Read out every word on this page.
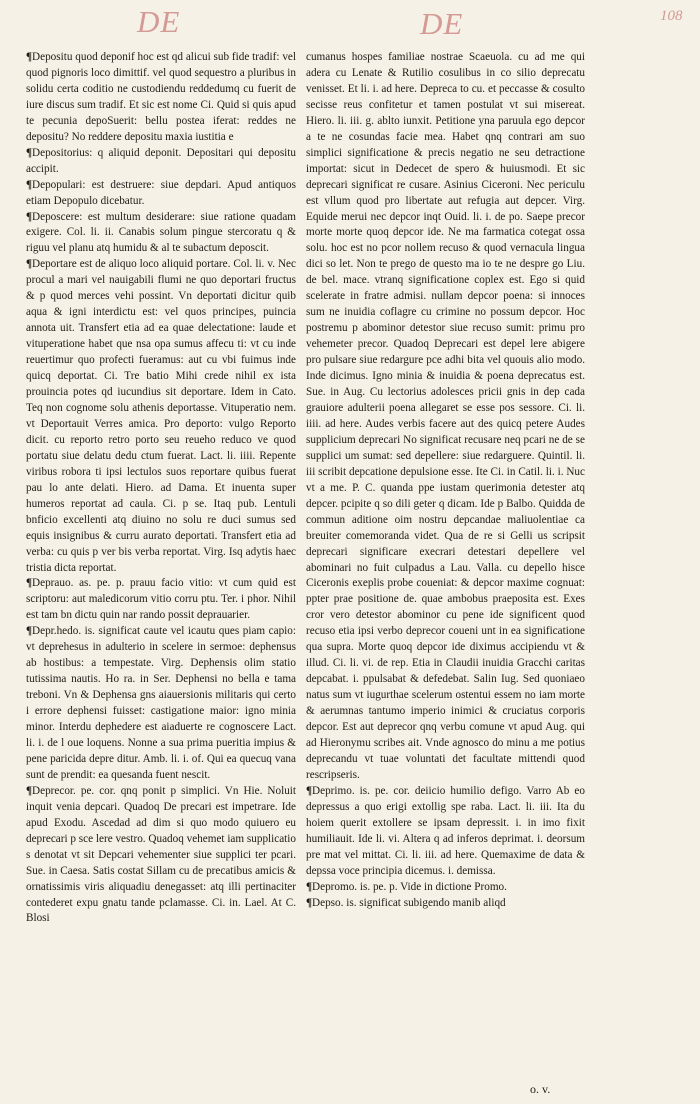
DE	DE	108

¶ Depositu quod deponif hoc est qd alicui sub fide tradif: vel quod pignoris loco dimittif. vel quod sequestro a pluribus in solidu certa coditio ne custodiendu reddedumq cu fuerit de iure discus sum tradif. Et sic est nome Ci. Quid si quis apud te pecunia depoSuerit: bellu postea iferat: reddes ne depositu? No reddere depositu maxia iustitia e

¶ Depositorius: q aliquid deponit. Depositari qui depositu accipit.

¶ Depopulari: est destruere: siue depdari. Apud antiquos etiam Depopulo dicebatur.

¶ Deposcere: est multum desiderare: siue ratione quadam exigere. Col. li. ii. Canabis solum pingue stercoratu q & riguu vel planu atq humidu & al te subactum deposcit.

¶ Deportare est de aliquo loco aliquid portare. Col. li. v. Nec procul a mari vel nauigabili flumi ne quo deportari fructus & p quod merces vehi possint. Vn deportati dicitur quib aqua & igni interdictu est: vel quos principes, puincia annota uit. Transfert etia ad ea quae delectatione: laude et vituperatione habet que nsa opa sumus affecu ti: vt cu inde reuertimur quo profecti fueramus: aut cu vbi fuimus inde quicq deportat. Ci. Tre batio Mihi crede nihil ex ista prouincia potes qd iucundius sit deportare. Idem in Cato. Teq non cognome solu athenis deportasse. Vituperatio nem. vt Deportauit Verres amica. Pro deporto: vulgo Reporto dicit. cu reporto retro porto seu reueho reduco ve quod portatu siue delatu dedu ctum fuerat. Lact. li. iiii. Repente viribus robora ti ipsi lectulos suos reportare quibus fuerat pau lo ante delati. Hiero. ad Dama. Et inuenta super humeros reportat ad caula. Ci. p se. Itaq pub. Lentuli bnficio excellenti atq diuino no solu re duci sumus sed equis insignibus & curru aurato deportati. Transfert etia ad verba: cu quis p ver bis verba reportat. Virg. Isq adytis haec tristia dicta reportat.

¶ Deprauo. as. pe. p. prauu facio vitio: vt cum quid est scriptoru: aut maledicorum vitio corru ptu. Ter. i phor. Nihil est tam bn dictu quin nar rando possit deprauarier.

¶ Depr.hedo. is. significat caute vel icautu ques piam capio: vt deprehesus in adulterio in scelere in sermoe: dephensus ab hostibus: a tempestate. Virg. Dephensis olim statio tutissima nautis. Ho ra. in Ser. Dephensi no bella e tama treboni. Vn & Dephensa gns aiauersionis militaris qui certo i errore dephensi fuisset: castigatione maior: igno minia minor. Interdu dephedere est aiaduerte re cognoscere Lact. li. i. de l oue loquens. Nonne a sua prima pueritia impius & pene paricida depre ditur. Amb. li. i. of. Qui ea quecuq vana sunt de prendit: ea quesanda fuent nescit.

¶ Deprecor. pe. cor. qnq ponit p simplici. Vn Hie. Noluit inquit venia depcari. Quadoq De precari est impetrare. Ide apud Exodu. Ascedad ad dim si quo modo quiuero eu deprecari p sce lere vestro. Quadoq vehemet iam supplicatio s denotat vt sit Depcari vehementer siue supplici ter pcari. Sue. in Caesa. Satis costat Sillam cu de precatibus amicis & ornatissimis viris aliquadiu denegasset: atq illi pertinaciter contederet expu gnatu tande pclamasse. Ci. in. Lael. At C. Blosi

cumanus hospes familiae nostrae Scaeuola. cu ad me qui adera cu Lenate & Rutilio cosulibus in co silio deprecatu venisset. Et li. i. ad here. Depreca to cu. et peccasse & cosulto secisse reus confitetur et tamen postulat vt sui misereat. Hiero. li. iii. g. ablto iunxit. Petitione yna paruula ego depcor a te ne cosundas facie mea. Habet qnq contrari am suo simplici significatione & precis negatio ne seu detractione importat: sicut in Dedecet de spero & huiusmodi. Et sic deprecari significat re cusare. Asinius Ciceroni. Nec periculu est vllum quod pro libertate aut refugia aut depcer. Virg. Equide merui nec depcor inqt Ouid. li. i. de po. Saepe precor morte morte quoq depcor ide. Ne ma farmatica cotegat ossa solu. hoc est no pcor nollem recuso & quod vernacula lingua dici so let. Non te prego de questo ma io te ne despre go Liu. de bel. mace. vtranq significatione coplex est. Ego si quid scelerate in fratre admisi. nullam depcor poena: si innoces sum ne inuidia coflagre cu crimine no possum depcor. Hoc postremu p abominor detestor siue recuso sumit: primu pro vehemeter precor. Quadoq Deprecari est depel lere abigere pro pulsare siue redargure pce adhi bita vel quouis alio modo. Inde dicimus. Igno minia & inuidia & poena deprecatus est. Sue. in Aug. Cu lectorius adolesces pricii gnis in dep cada grauiore adulterii poena allegaret se esse pos sessore. Ci. li. iiii. ad here. Audes verbis facere aut des quicq petere Audes supplicium deprecari No significat recusare neq pcari ne de se supplici um sumat: sed depellere: siue redarguere. Quintil. li. iii scribit depcatione depulsione esse. Ite Ci. in Catil. li. i. Nuc vt a me. P. C. quanda ppe iustam querimonia detester atq depcer. pcipite q so dili geter q dicam. Ide p Balbo. Quidda de commun aditione oim nostru depcandae maliuolentiae ca breuiter comemoranda videt. Qua de re si Gelli us scripsit deprecari significare execrari detestari depellere vel abominari no fuit culpadus a Lau. Valla. cu depello hisce Ciceronis exeplis probe coueniat: & depcor maxime cognuat: ppter prae positione de. quae ambobus praeposita est. Exes cror vero detestor abominor cu pene ide significent quod recuso etia ipsi verbo deprecor coueni unt in ea significatione qua supra. Morte quoq depcor ide diximus accipiendu vt & illud. Ci. li. vi. de rep. Etia in Claudii inuidia Gracchi caritas depcabat. i. ppulsabat & defedebat. Salin Iug. Sed quoniaeo natus sum vt iugurthae scelerum ostentui essem no iam morte & aerumnas tantumo imperio inimici & cruciatus corporis depcor. Est aut deprecor qnq verbu comune vt apud Aug. qui ad Hieronymu scribes ait. Vnde agnosco do minu a me potius deprecandu vt tuae voluntati det facultate mittendi quod rescripseris.

¶ Deprimo. is. pe. cor. deiicio humilio defigo. Varro Ab eo depressus a quo erigi extollig spe raba. Lact. li. iii. Ita du hoiem querit extollere se ipsam depressit. i. in imo fixit humiliauit. Ide li. vi. Altera q ad inferos deprimat. i. deorsum pre mat vel mittat. Ci. li. iii. ad here. Quemaxime de data & depssa voce principia dicemus. i. demissa.

¶ Depromo. is. pe. p. Vide in dictione Promo.

¶ Depso. is. significat subigendo manib aliqd

o. v.
